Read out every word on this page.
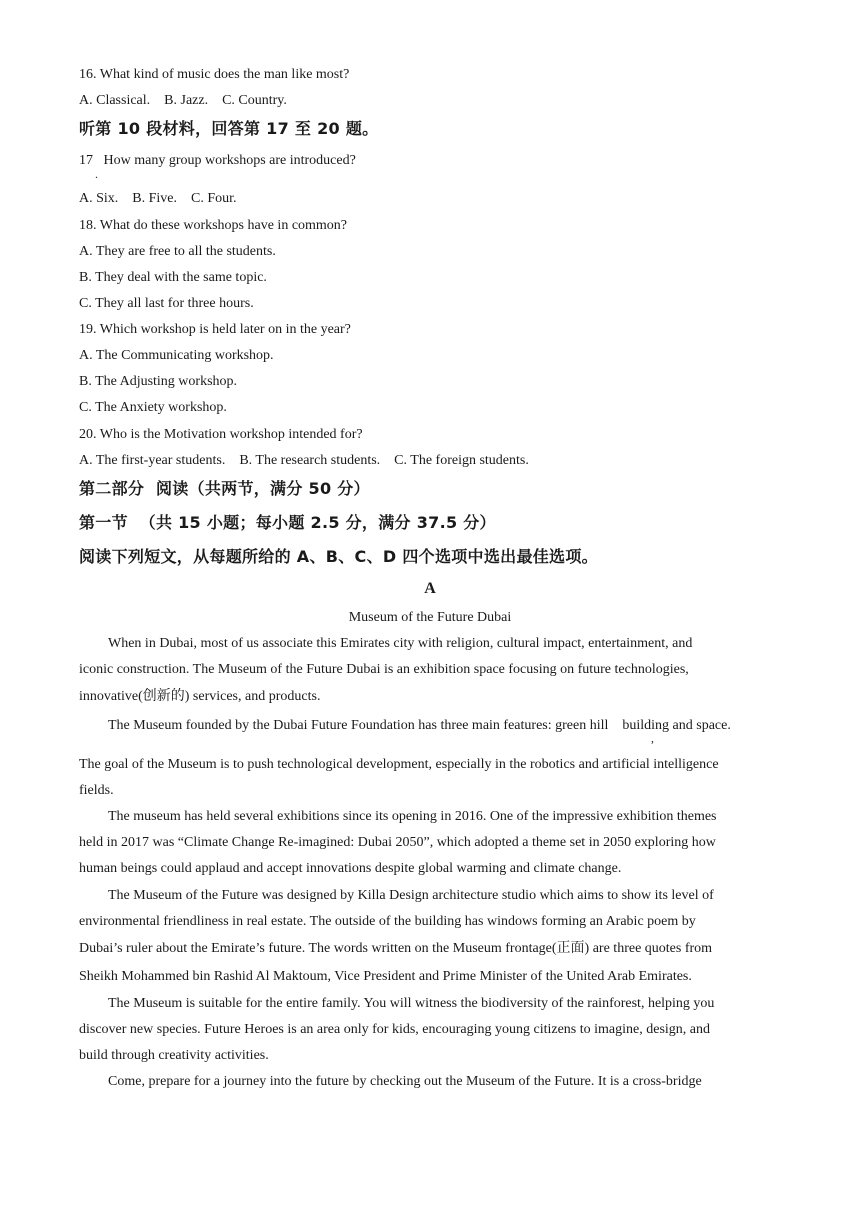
16. What kind of music does the man like most?
A. Classical.    B. Jazz.    C. Country.
听第 10 段材料，回答第 17 至 20 题。
17   How many group workshops are introduced?
.
A. Six.    B. Five.    C. Four.
18. What do these workshops have in common?
A. They are free to all the students.
B. They deal with the same topic.
C. They all last for three hours.
19. Which workshop is held later on in the year?
A. The Communicating workshop.
B. The Adjusting workshop.
C. The Anxiety workshop.
20. Who is the Motivation workshop intended for?
A. The first-year students.    B. The research students.    C. The foreign students.
第二部分  阅读（共两节，满分 50 分）
第一节  （共 15 小题；每小题 2.5 分，满分 37.5 分）
阅读下列短文，从每题所给的 A、B、C、D 四个选项中选出最佳选项。
A
Museum of the Future Dubai
When in Dubai, most of us associate this Emirates city with religion, cultural impact, entertainment, and
iconic construction. The Museum of the Future Dubai is an exhibition space focusing on future technologies,
innovative(创新的) services, and products.
The Museum founded by the Dubai Future Foundation has three main features: green hill    building and space.
,
The goal of the Museum is to push technological development, especially in the robotics and artificial intelligence
fields.
The museum has held several exhibitions since its opening in 2016. One of the impressive exhibition themes
held in 2017 was “Climate Change Re-imagined: Dubai 2050”, which adopted a theme set in 2050 exploring how
human beings could applaud and accept innovations despite global warming and climate change.
The Museum of the Future was designed by Killa Design architecture studio which aims to show its level of
environmental friendliness in real estate. The outside of the building has windows forming an Arabic poem by
Dubai’s ruler about the Emirate’s future. The words written on the Museum frontage(正面) are three quotes from
Sheikh Mohammed bin Rashid Al Maktoum, Vice President and Prime Minister of the United Arab Emirates.
The Museum is suitable for the entire family. You will witness the biodiversity of the rainforest, helping you
discover new species. Future Heroes is an area only for kids, encouraging young citizens to imagine, design, and
build through creativity activities.
Come, prepare for a journey into the future by checking out the Museum of the Future. It is a cross-bridge
